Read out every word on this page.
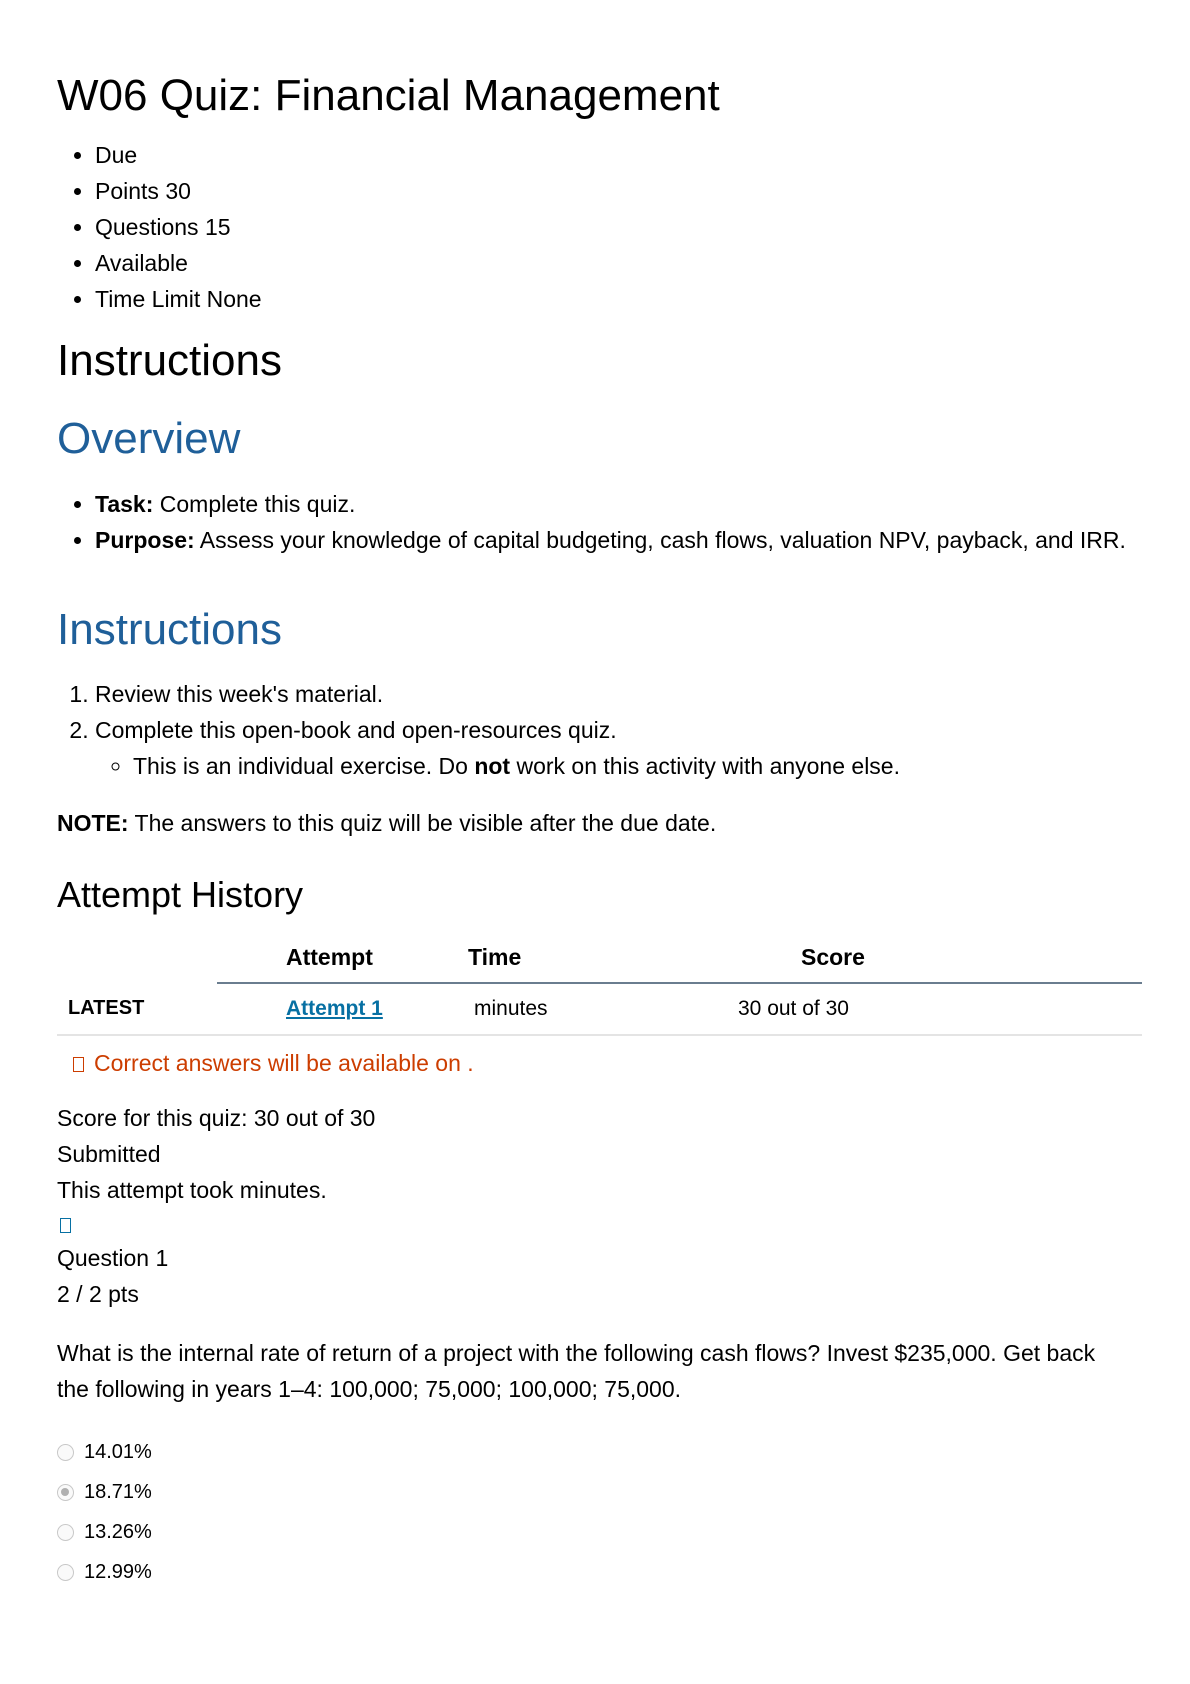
W06 Quiz: Financial Management
• Due
• Points 30
• Questions 15
• Available
• Time Limit None
Instructions
Overview
• Task: Complete this quiz.
• Purpose: Assess your knowledge of capital budgeting, cash flows, valuation NPV, payback, and IRR.
Instructions
1. Review this week's material.
2. Complete this open-book and open-resources quiz.
◦ This is an individual exercise. Do not work on this activity with anyone else.
NOTE: The answers to this quiz will be visible after the due date.
Attempt History
	Attempt	Time	Score
LATEST	Attempt 1	minutes	30 out of 30
Correct answers will be available on .
Score for this quiz: 30 out of 30
Submitted
This attempt took minutes.
Question 1
2 / 2 pts
What is the internal rate of return of a project with the following cash flows? Invest $235,000. Get back the following in years 1–4: 100,000; 75,000; 100,000; 75,000.
14.01%
18.71%
13.26%
12.99%
